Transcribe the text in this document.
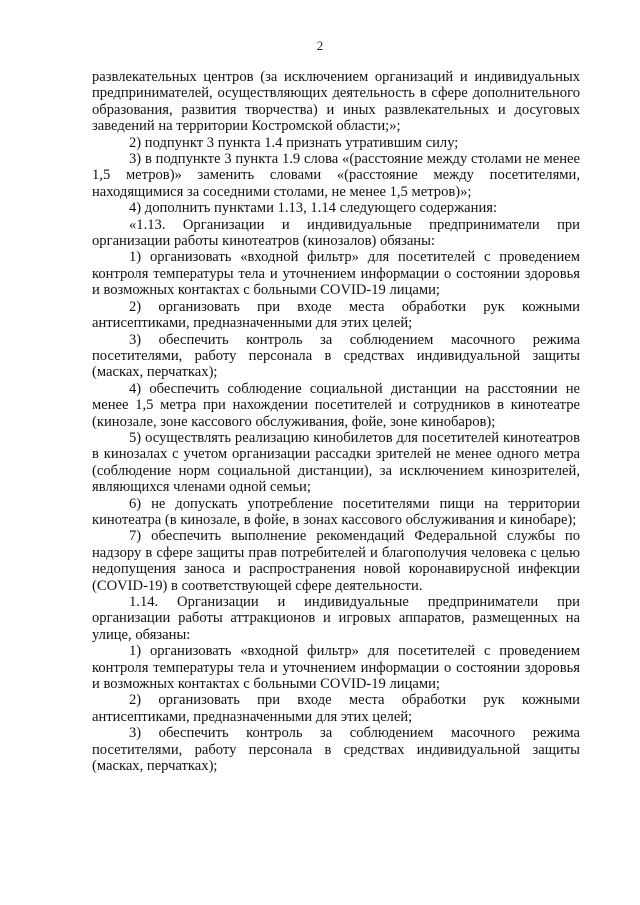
2

развлекательных центров (за исключением организаций и индивидуальных предпринимателей, осуществляющих деятельность в сфере дополнительного образования, развития творчества) и иных развлекательных и досуговых заведений на территории Костромской области;»;

2) подпункт 3 пункта 1.4 признать утратившим силу;

3) в подпункте 3 пункта 1.9 слова «(расстояние между столами не менее 1,5 метров)» заменить словами «(расстояние между посетителями, находящимися за соседними столами, не менее 1,5 метров)»;

4) дополнить пунктами 1.13, 1.14 следующего содержания:

«1.13. Организации и индивидуальные предприниматели при организации работы кинотеатров (кинозалов) обязаны:

1) организовать «входной фильтр» для посетителей с проведением контроля температуры тела и уточнением информации о состоянии здоровья и возможных контактах с больными COVID-19 лицами;

2) организовать при входе места обработки рук кожными антисептиками, предназначенными для этих целей;

3) обеспечить контроль за соблюдением масочного режима посетителями, работу персонала в средствах индивидуальной защиты (масках, перчатках);

4) обеспечить соблюдение социальной дистанции на расстоянии не менее 1,5 метра при нахождении посетителей и сотрудников в кинотеатре (кинозале, зоне кассового обслуживания, фойе, зоне кинобаров);

5) осуществлять реализацию кинобилетов для посетителей кинотеатров в кинозалах с учетом организации рассадки зрителей не менее одного метра (соблюдение норм социальной дистанции), за исключением кинозрителей, являющихся членами одной семьи;

6) не допускать употребление посетителями пищи на территории кинотеатра (в кинозале, в фойе, в зонах кассового обслуживания и кинобаре);

7) обеспечить выполнение рекомендаций Федеральной службы по надзору в сфере защиты прав потребителей и благополучия человека с целью недопущения заноса и распространения новой коронавирусной инфекции (COVID-19) в соответствующей сфере деятельности.

1.14. Организации и индивидуальные предприниматели при организации работы аттракционов и игровых аппаратов, размещенных на улице, обязаны:

1) организовать «входной фильтр» для посетителей с проведением контроля температуры тела и уточнением информации о состоянии здоровья и возможных контактах с больными COVID-19 лицами;

2) организовать при входе места обработки рук кожными антисептиками, предназначенными для этих целей;

3) обеспечить контроль за соблюдением масочного режима посетителями, работу персонала в средствах индивидуальной защиты (масках, перчатках);
